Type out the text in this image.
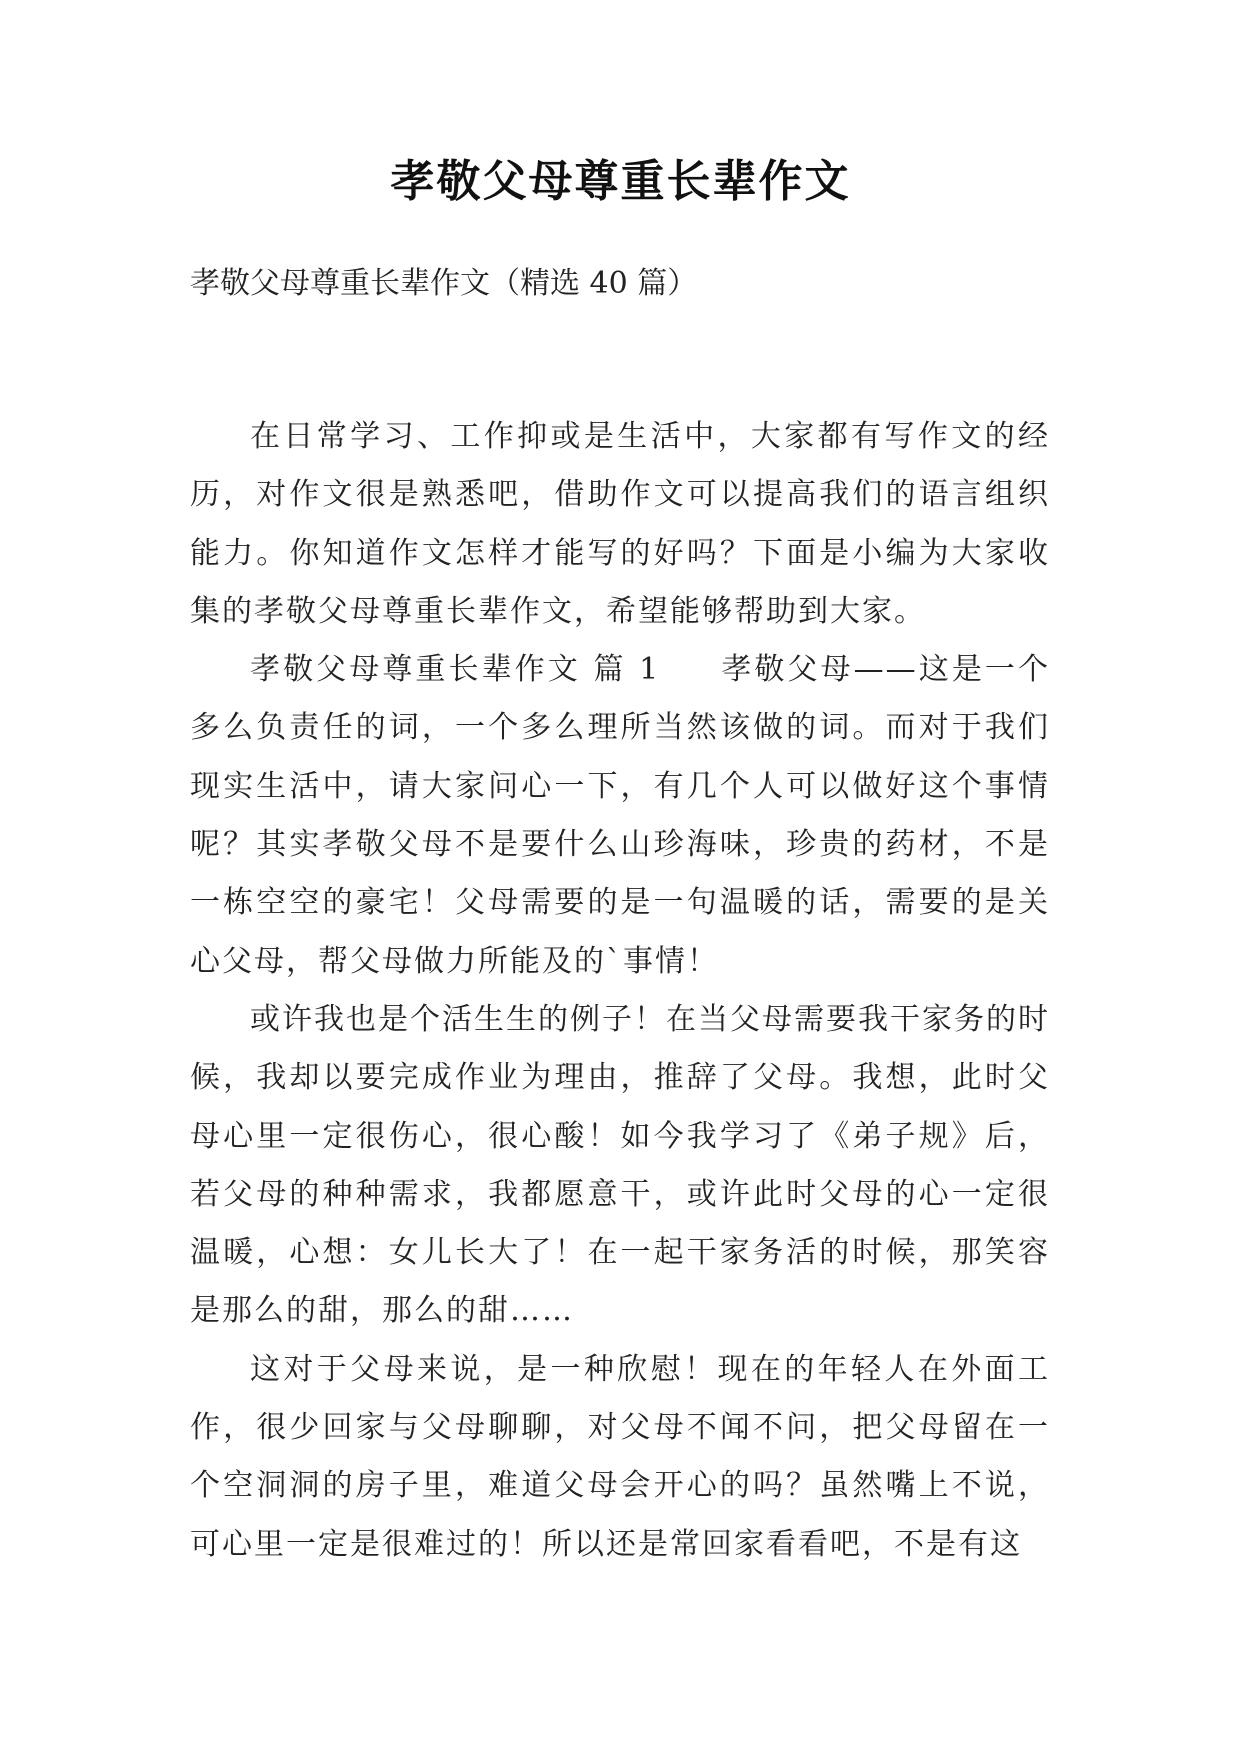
孝敬父母尊重长辈作文
孝敬父母尊重长辈作文（精选 40 篇）

在日常学习、工作抑或是生活中，大家都有写作文的经历，对作文很是熟悉吧，借助作文可以提高我们的语言组织能力。你知道作文怎样才能写的好吗？下面是小编为大家收集的孝敬父母尊重长辈作文，希望能够帮助到大家。

孝敬父母尊重长辈作文 篇 1 孝敬父母——这是一个多么负责任的词，一个多么理所当然该做的词。而对于我们现实生活中，请大家问心一下，有几个人可以做好这个事情呢？其实孝敬父母不是要什么山珍海味，珍贵的药材，不是一栋空空的豪宅！父母需要的是一句温暖的话，需要的是关心父母，帮父母做力所能及的`事情！

或许我也是个活生生的例子！在当父母需要我干家务的时候，我却以要完成作业为理由，推辞了父母。我想，此时父母心里一定很伤心，很心酸！如今我学习了《弟子规》后，若父母的种种需求，我都愿意干，或许此时父母的心一定很温暖，心想：女儿长大了！在一起干家务活的时候，那笑容是那么的甜，那么的甜……

这对于父母来说，是一种欣慰！现在的年轻人在外面工作，很少回家与父母聊聊，对父母不闻不问，把父母留在一个空洞洞的房子里，难道父母会开心的吗？虽然嘴上不说，可心里一定是很难过的！所以还是常回家看看吧，不是有这
